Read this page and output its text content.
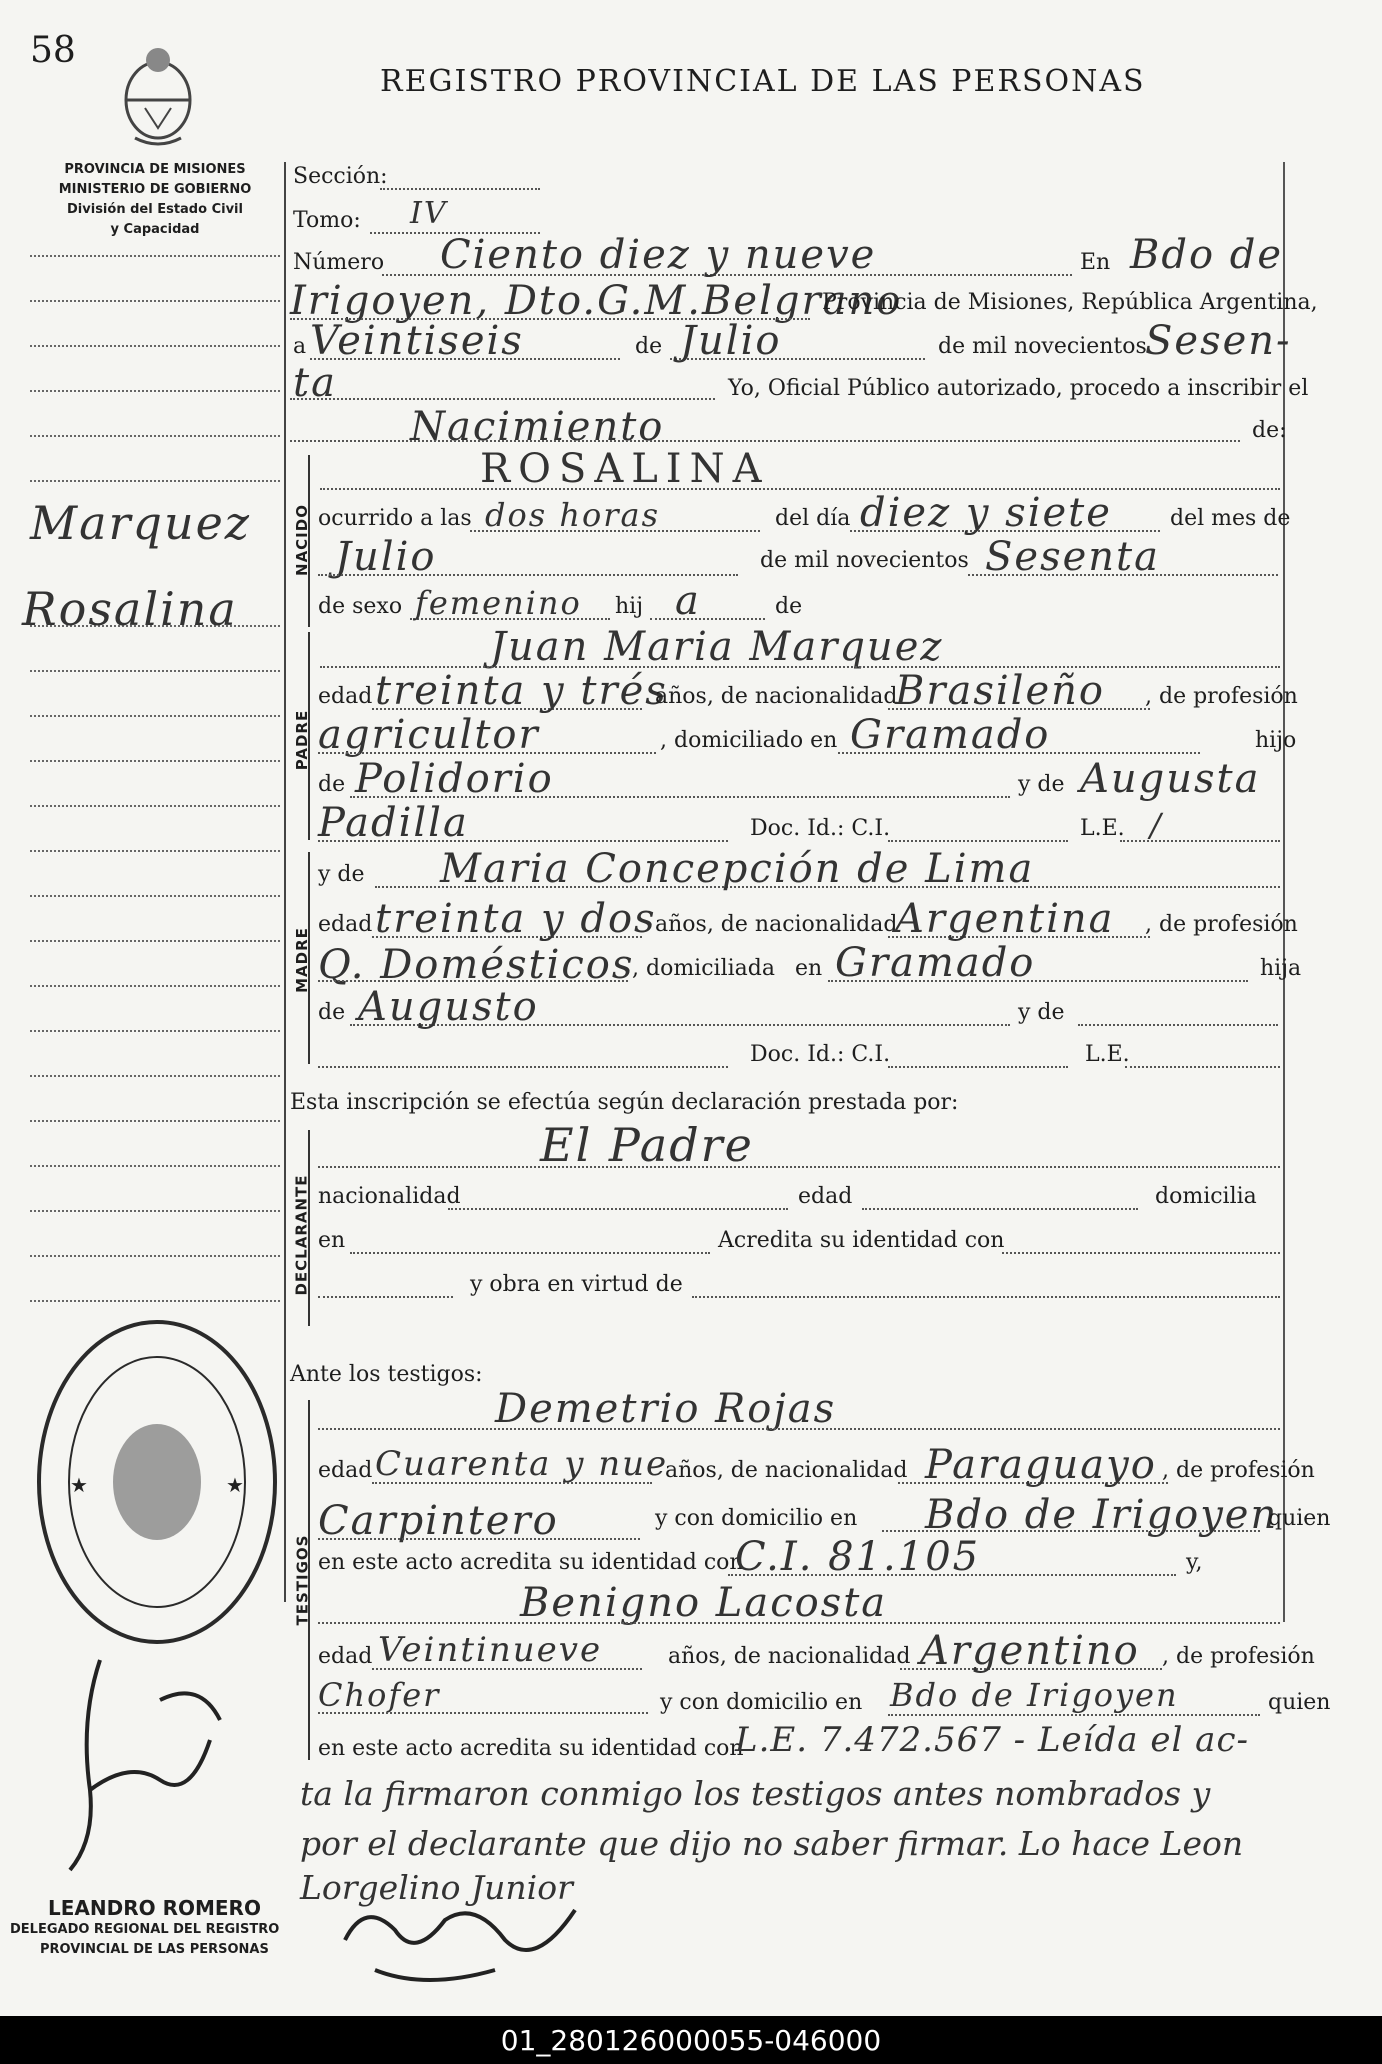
58
REGISTRO PROVINCIAL DE LAS PERSONAS
PROVINCIA DE MISIONES
MINISTERIO DE GOBIERNO
División del Estado Civil
y Capacidad
Marquez
Rosalina
Sección:
Tomo: IV
Número Ciento diez y nueve	En Bdo de
Irigoyen, Dto.G.M.Belgrano
Provincia de Misiones, República Argentina,
a Veintiseis	de Julio	de mil novecientos
Sesen-
ta	Yo, Oficial Público autorizado, procedo a inscribir el
Nacimiento	de:
NACIDO
ROSALINA
ocurrido a las dos horas	del día diez y siete	del mes de
Julio	de mil novecientos Sesenta
de sexo femenino hij a	de
PADRE
Juan Maria Marquez
edad treinta y trés
años, de nacionalidad
Brasileño , de profesión
agricultor	, domiciliado en Gramado	hijo
de Polidorio	y de Augusta
Padilla	Doc. Id.: C.I.	L.E. /
MADRE
y de Maria Concepción de Lima
edad treinta y dos
años, de nacionalidad
Argentina , de profesión
Q. Domésticos
, domiciliada en Gramado	hija
de Augusto	y de
Doc. Id.: C.I.	L.E.
Esta inscripción se efectúa según declaración prestada por:
DECLARANTE
El Padre
nacionalidad	edad	domicilia
en	Acredita su identidad con
y obra en virtud de
★	★
Ante los testigos:
TESTIGOS
Demetrio Rojas
edad Cuarenta y nue
años, de nacionalidad Paraguayo , de profesión
Carpintero	y con domicilio en Bdo de Irigoyen
quien
en este acto acredita su identidad con
C.I. 81.105	y,
Benigno Lacosta
edad Veintinueve	años, de nacionalidad Argentino , de profesión
Chofer	y con domicilio en Bdo de Irigoyen	quien
en este acto acredita su identidad con
L.E. 7.472.567 - Leída el ac-
ta la firmaron conmigo los testigos antes nombrados y
por el declarante que dijo no saber firmar. Lo hace Leon
Lorgelino Junior
LEANDRO ROMERO
DELEGADO REGIONAL DEL REGISTRO
PROVINCIAL DE LAS PERSONAS
01_280126000055-046000
